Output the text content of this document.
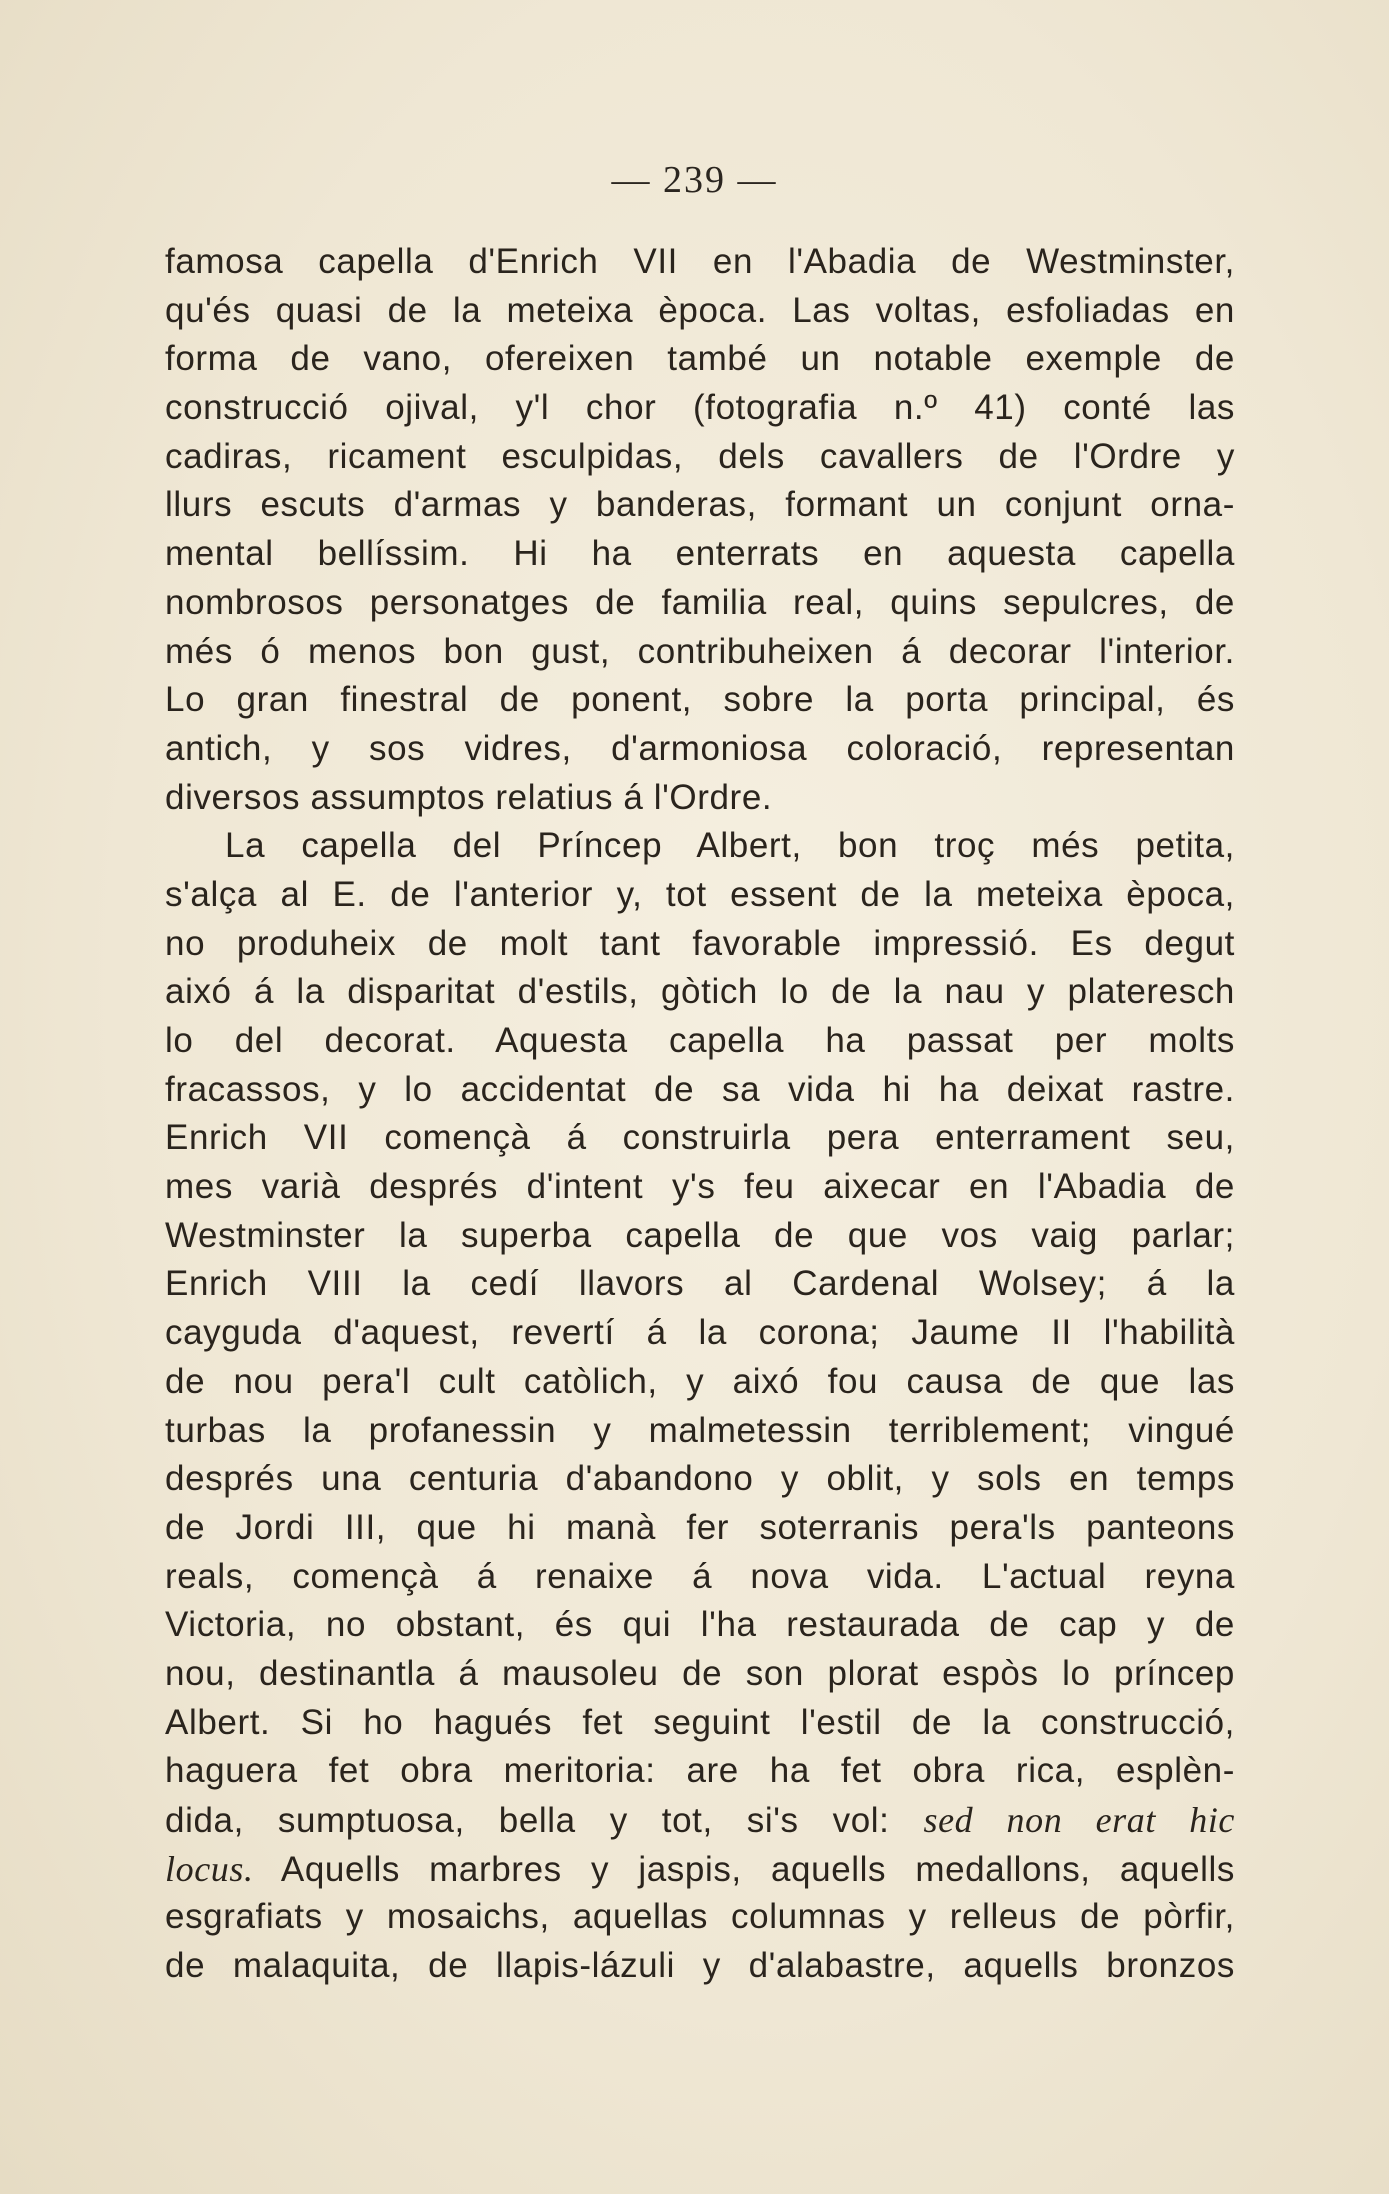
— 239 —
famosa capella d'Enrich VII en l'Abadia de Westminster,
qu'és quasi de la meteixa època. Las voltas, esfoliadas en
forma de vano, ofereixen també un notable exemple de
construcció ojival, y'l chor (fotografia n.º 41) conté las
cadiras, ricament esculpidas, dels cavallers de l'Ordre y
llurs escuts d'armas y banderas, formant un conjunt orna-
mental bellíssim. Hi ha enterrats en aquesta capella
nombrosos personatges de familia real, quins sepulcres, de
més ó menos bon gust, contribuheixen á decorar l'interior.
Lo gran finestral de ponent, sobre la porta principal, és
antich, y sos vidres, d'armoniosa coloració, representan
diversos assumptos relatius á l'Ordre.
La capella del Príncep Albert, bon troç més petita,
s'alça al E. de l'anterior y, tot essent de la meteixa època,
no produheix de molt tant favorable impressió. Es degut
aixó á la disparitat d'estils, gòtich lo de la nau y plateresch
lo del decorat. Aquesta capella ha passat per molts
fracassos, y lo accidentat de sa vida hi ha deixat rastre.
Enrich VII començà á construirla pera enterrament seu,
mes varià després d'intent y's feu aixecar en l'Abadia de
Westminster la superba capella de que vos vaig parlar;
Enrich VIII la cedí llavors al Cardenal Wolsey; á la
cayguda d'aquest, revertí á la corona; Jaume II l'habilità
de nou pera'l cult catòlich, y aixó fou causa de que las
turbas la profanessin y malmetessin terriblement; vingué
després una centuria d'abandono y oblit, y sols en temps
de Jordi III, que hi manà fer soterranis pera'ls panteons
reals, començà á renaixe á nova vida. L'actual reyna
Victoria, no obstant, és qui l'ha restaurada de cap y de
nou, destinantla á mausoleu de son plorat espòs lo príncep
Albert. Si ho hagués fet seguint l'estil de la construcció,
haguera fet obra meritoria: are ha fet obra rica, esplèn-
dida, sumptuosa, bella y tot, si's vol: sed non erat hic
locus. Aquells marbres y jaspis, aquells medallons, aquells
esgrafiats y mosaichs, aquellas columnas y relleus de pòrfir,
de malaquita, de llapis-lázuli y d'alabastre, aquells bronzos
